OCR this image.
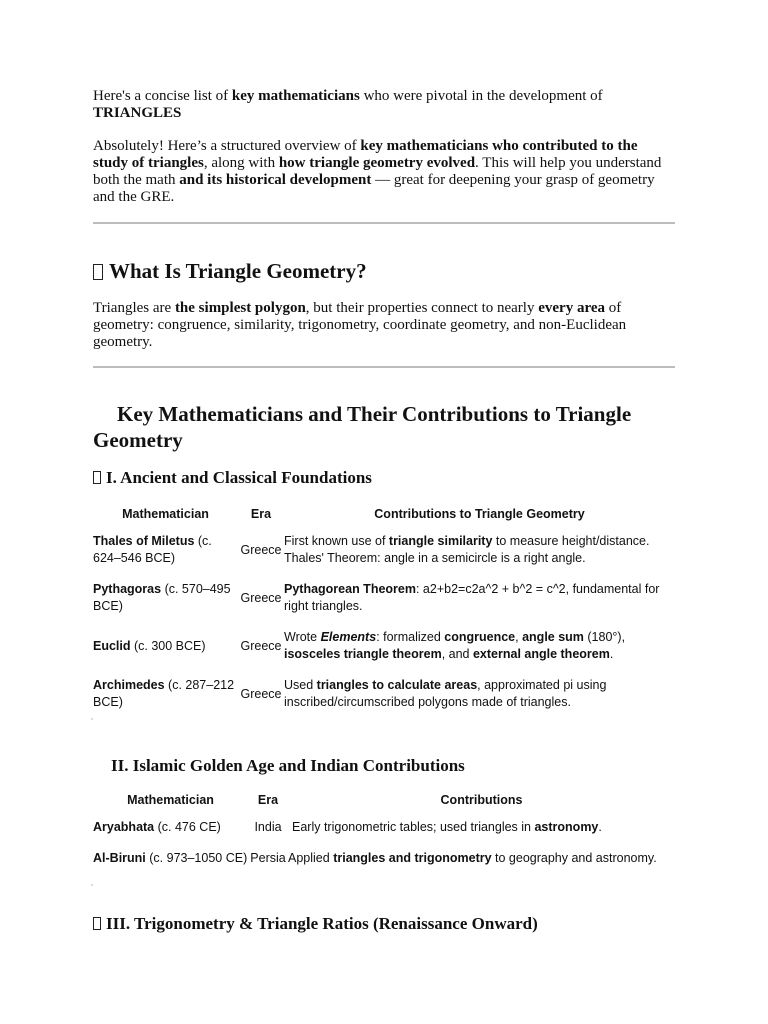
Here's a concise list of key mathematicians who were pivotal in the development of
TRIANGLES

Absolutely! Here’s a structured overview of key mathematicians who contributed to the study of triangles, along with how triangle geometry evolved. This will help you understand both the math and its historical development — great for deepening your grasp of geometry and the GRE.

What Is Triangle Geometry?

Triangles are the simplest polygon, but their properties connect to nearly every area of geometry: congruence, similarity, trigonometry, coordinate geometry, and non-Euclidean geometry.

Key Mathematicians and Their Contributions to Triangle Geometry
I. Ancient and Classical Foundations
Mathematician	Era	Contributions to Triangle Geometry
Thales of Miletus (c. 624–546 BCE)	Greece	First known use of triangle similarity to measure height/distance. Thales' Theorem: angle in a semicircle is a right angle.
Pythagoras (c. 570–495 BCE)	Greece	Pythagorean Theorem: a2+b2=c2a^2 + b^2 = c^2, fundamental for right triangles.
Euclid (c. 300 BCE)	Greece	Wrote Elements: formalized congruence, angle sum (180°), isosceles triangle theorem, and external angle theorem.
Archimedes (c. 287–212 BCE)	Greece	Used triangles to calculate areas, approximated pi using inscribed/circumscribed polygons made of triangles.
II. Islamic Golden Age and Indian Contributions
Mathematician	Era	Contributions
Aryabhata (c. 476 CE)	India	Early trigonometric tables; used triangles in astronomy.
Al-Biruni (c. 973–1050 CE)	Persia	Applied triangles and trigonometry to geography and astronomy.
III. Trigonometry & Triangle Ratios (Renaissance Onward)
